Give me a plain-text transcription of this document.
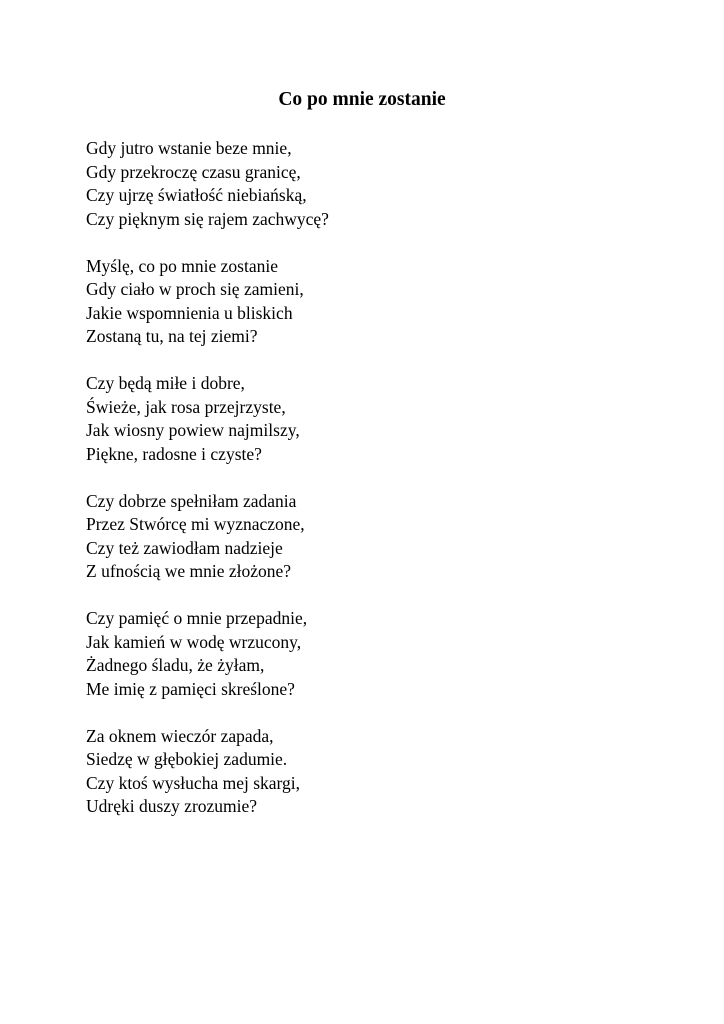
Co po mnie zostanie
Gdy jutro wstanie beze mnie,
Gdy przekroczę czasu granicę,
Czy ujrzę światłość niebiańską,
Czy pięknym się rajem zachwycę?
Myślę, co po mnie zostanie
Gdy ciało w proch się zamieni,
Jakie wspomnienia u bliskich
Zostaną tu, na tej ziemi?
Czy będą miłe i dobre,
Świeże, jak rosa przejrzyste,
Jak wiosny powiew najmilszy,
Piękne, radosne i czyste?
Czy dobrze spełniłam zadania
Przez Stwórcę mi wyznaczone,
Czy też zawiodłam nadzieje
Z ufnością we mnie złożone?
Czy pamięć o mnie przepadnie,
Jak kamień w wodę wrzucony,
Żadnego śladu, że żyłam,
Me imię z pamięci skreślone?
Za oknem wieczór zapada,
Siedzę w głębokiej zadumie.
Czy ktoś wysłucha mej skargi,
Udręki duszy zrozumie?
